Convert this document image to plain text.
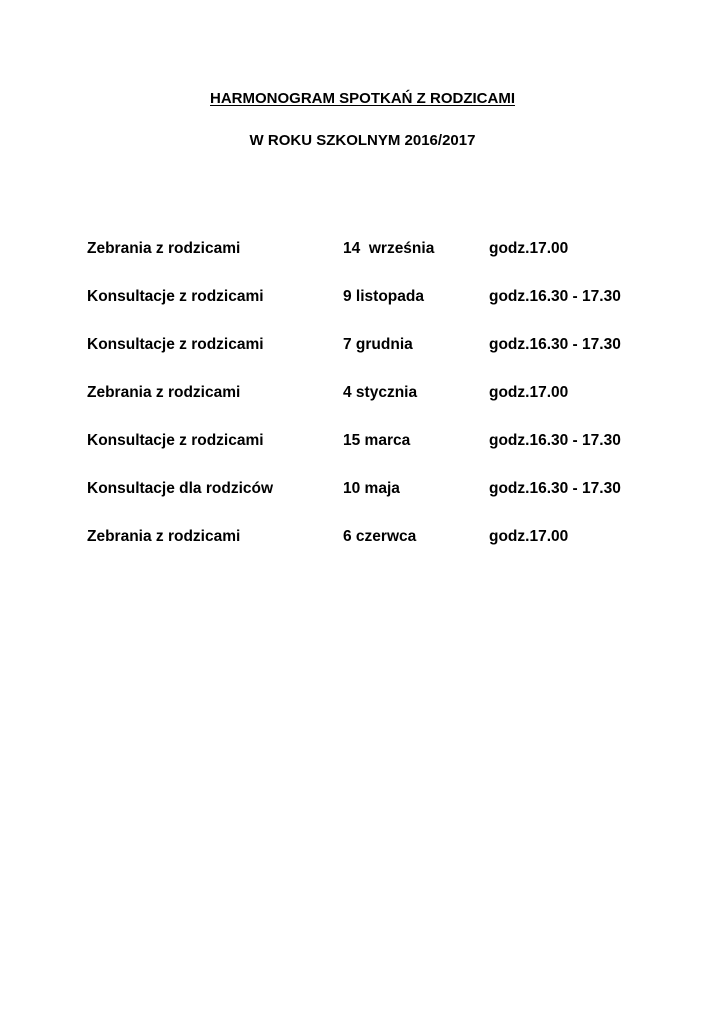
HARMONOGRAM SPOTKAŃ Z RODZICAMI
W ROKU SZKOLNYM 2016/2017
Zebrania z rodzicami	14  września	godz.17.00
Konsultacje z rodzicami	9 listopada	godz.16.30 - 17.30
Konsultacje z rodzicami	7 grudnia	godz.16.30 - 17.30
Zebrania z rodzicami	4 stycznia	godz.17.00
Konsultacje z rodzicami	15 marca	godz.16.30 - 17.30
Konsultacje dla rodziców	10 maja	godz.16.30 - 17.30
Zebrania z rodzicami	6 czerwca	godz.17.00
